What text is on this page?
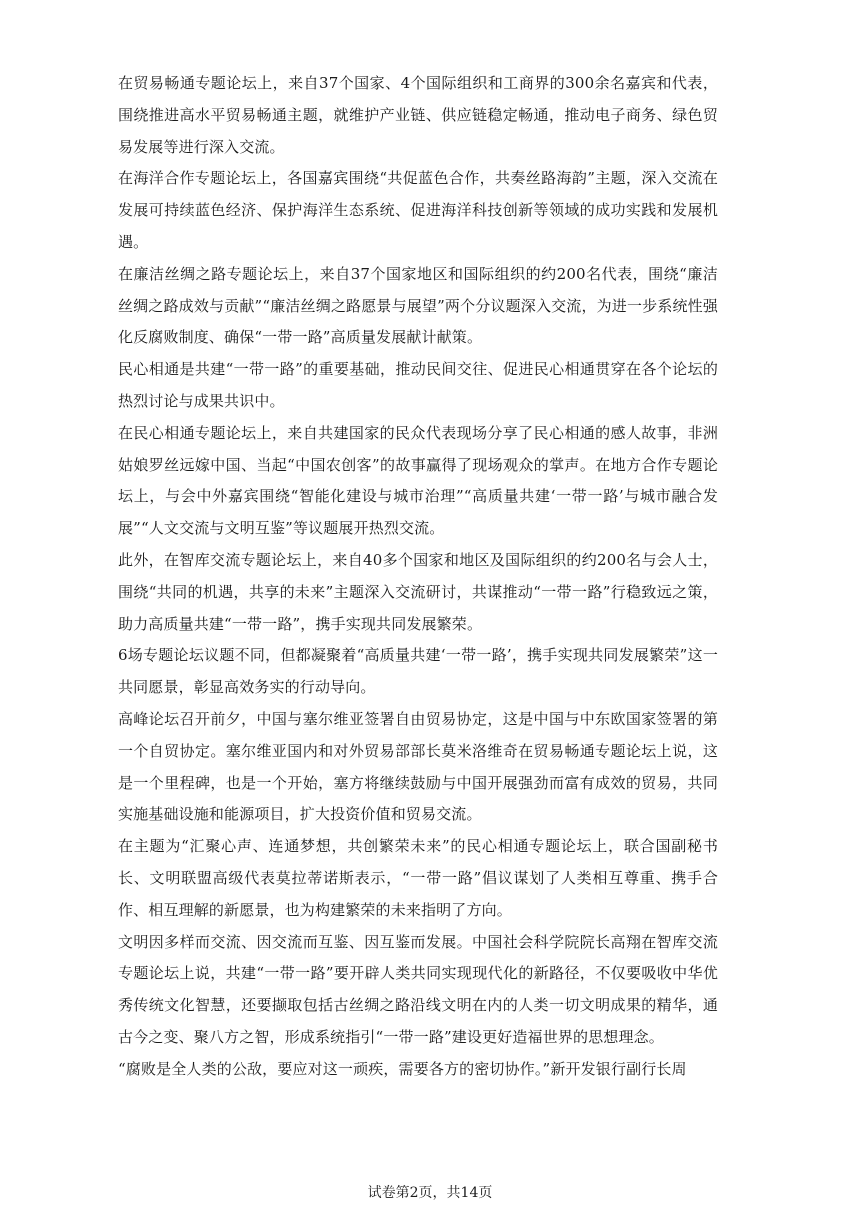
在贸易畅通专题论坛上，来自37个国家、4个国际组织和工商界的300余名嘉宾和代表，围绕推进高水平贸易畅通主题，就维护产业链、供应链稳定畅通，推动电子商务、绿色贸易发展等进行深入交流。

在海洋合作专题论坛上，各国嘉宾围绕“共促蓝色合作，共奏丝路海韵”主题，深入交流在发展可持续蓝色经济、保护海洋生态系统、促进海洋科技创新等领域的成功实践和发展机遇。

在廉洁丝绸之路专题论坛上，来自37个国家地区和国际组织的约200名代表，围绕“廉洁丝绸之路成效与贡献”“廉洁丝绸之路愿景与展望”两个分议题深入交流，为进一步系统性强化反腐败制度、确保“一带一路”高质量发展献计献策。

民心相通是共建“一带一路”的重要基础，推动民间交往、促进民心相通贯穿在各个论坛的热烈讨论与成果共识中。

在民心相通专题论坛上，来自共建国家的民众代表现场分享了民心相通的感人故事，非洲姑娘罗丝远嫁中国、当起“中国农创客”的故事赢得了现场观众的掌声。在地方合作专题论坛上，与会中外嘉宾围绕“智能化建设与城市治理”“高质量共建‘一带一路’与城市融合发展”“人文交流与文明互鉴”等议题展开热烈交流。

此外，在智库交流专题论坛上，来自40多个国家和地区及国际组织的约200名与会人士，围绕“共同的机遇，共享的未来”主题深入交流研讨，共谋推动“一带一路”行稳致远之策，助力高质量共建“一带一路”，携手实现共同发展繁荣。

6场专题论坛议题不同，但都凝聚着“高质量共建‘一带一路’，携手实现共同发展繁荣”这一共同愿景，彰显高效务实的行动导向。

高峰论坛召开前夕，中国与塞尔维亚签署自由贸易协定，这是中国与中东欧国家签署的第一个自贸协定。塞尔维亚国内和对外贸易部部长莫米洛维奇在贸易畅通专题论坛上说，这是一个里程碑，也是一个开始，塞方将继续鼓励与中国开展强劲而富有成效的贸易，共同实施基础设施和能源项目，扩大投资价值和贸易交流。

在主题为“汇聚心声、连通梦想，共创繁荣未来”的民心相通专题论坛上，联合国副秘书长、文明联盟高级代表莫拉蒂诺斯表示，“一带一路”倡议谋划了人类相互尊重、携手合作、相互理解的新愿景，也为构建繁荣的未来指明了方向。

文明因多样而交流、因交流而互鉴、因互鉴而发展。中国社会科学院院长高翔在智库交流专题论坛上说，共建“一带一路”要开辟人类共同实现现代化的新路径，不仅要吸收中华优秀传统文化智慧，还要撷取包括古丝绸之路沿线文明在内的人类一切文明成果的精华，通古今之变、聚八方之智，形成系统指引“一带一路”建设更好造福世界的思想理念。

“腐败是全人类的公敌，要应对这一顽疾，需要各方的密切协作。”新开发银行副行长周

试卷第2页，共14页
